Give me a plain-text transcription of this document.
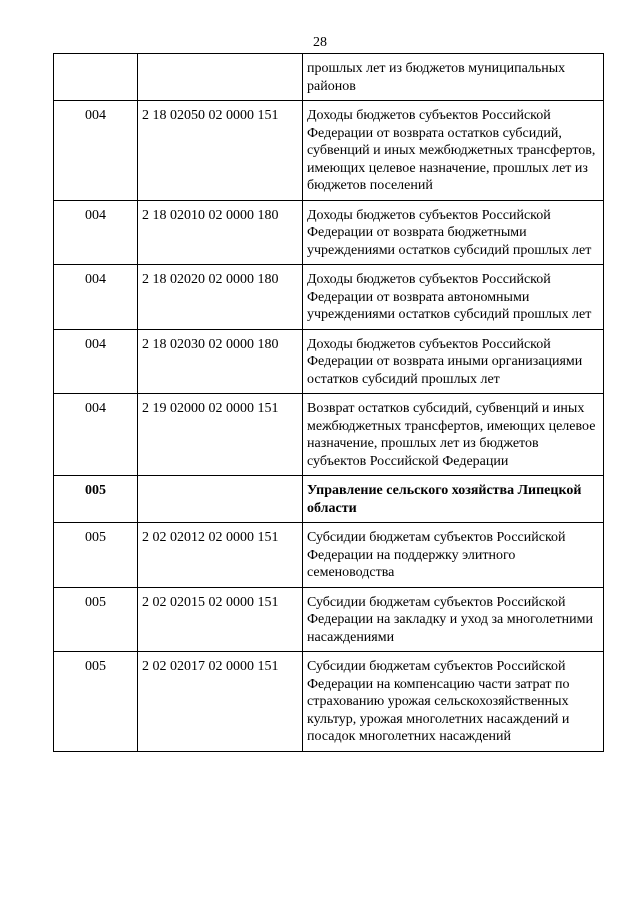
28
		прошлых лет из бюджетов муниципальных районов
004	2 18 02050 02 0000 151	Доходы бюджетов субъектов Российской Федерации от возврата остатков субсидий, субвенций и иных межбюджетных трансфертов, имеющих целевое назначение, прошлых лет из бюджетов поселений
004	2 18 02010 02 0000 180	Доходы бюджетов субъектов Российской Федерации от возврата бюджетными учреждениями остатков субсидий прошлых лет
004	2 18 02020 02 0000 180	Доходы бюджетов субъектов Российской Федерации от возврата автономными учреждениями остатков субсидий прошлых лет
004	2 18 02030 02 0000 180	Доходы бюджетов субъектов Российской Федерации от возврата иными организациями остатков субсидий прошлых лет
004	2 19 02000 02 0000 151	Возврат остатков субсидий, субвенций и иных межбюджетных трансфертов, имеющих целевое назначение, прошлых лет из бюджетов субъектов Российской Федерации
005		Управление сельского хозяйства Липецкой области
005	2 02 02012 02 0000 151	Субсидии бюджетам субъектов Российской Федерации на поддержку элитного семеноводства
005	2 02 02015 02 0000 151	Субсидии бюджетам субъектов Российской Федерации на закладку и уход за многолетними насаждениями
005	2 02 02017 02 0000 151	Субсидии бюджетам субъектов Российской Федерации на компенсацию части затрат по страхованию урожая сельскохозяйственных культур, урожая многолетних насаждений и посадок многолетних насаждений
